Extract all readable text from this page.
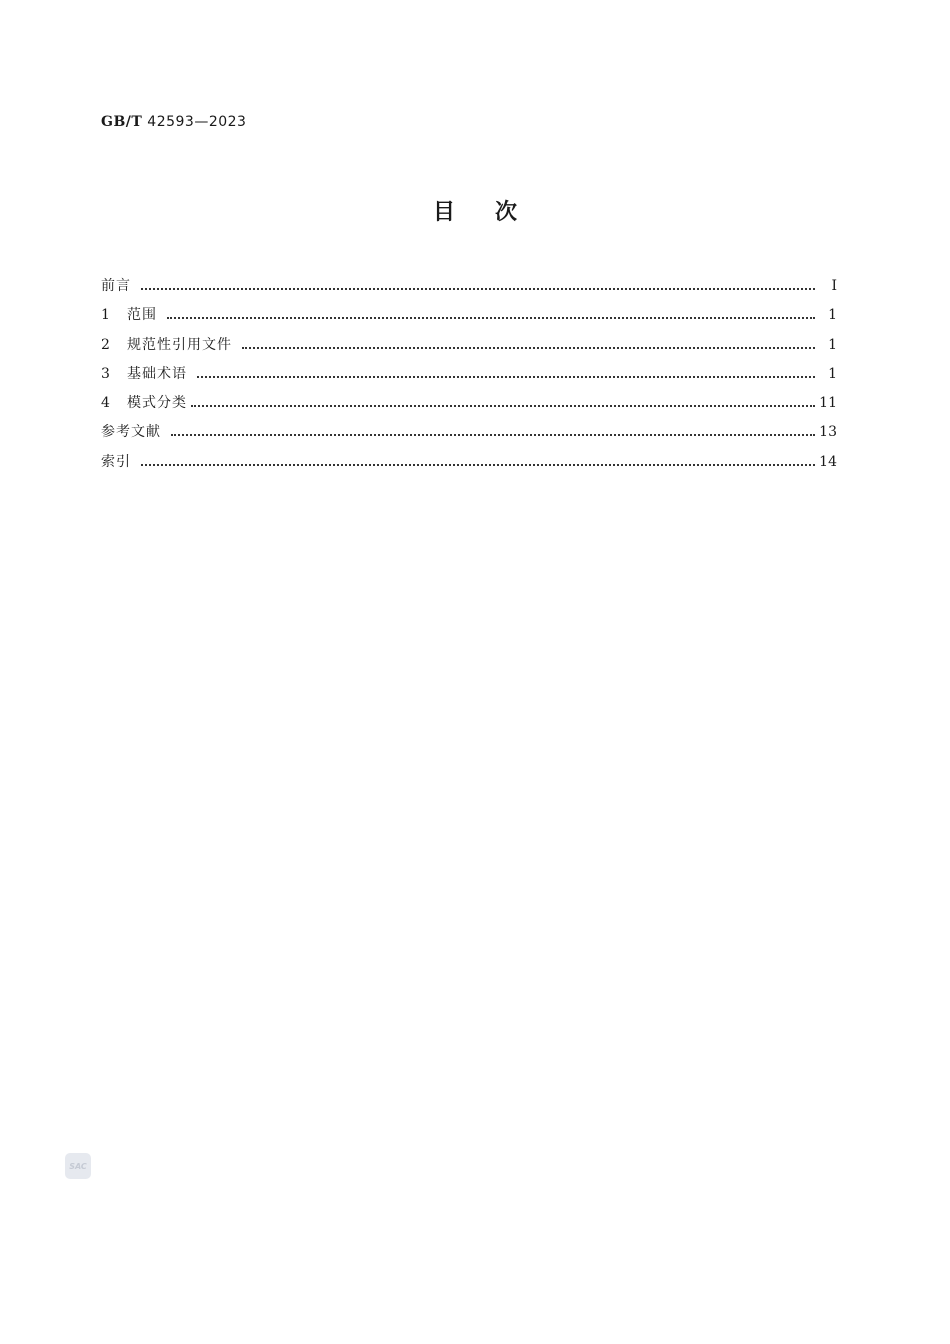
GB/T 42593—2023
目次
前言	Ⅰ
1	范围	1
2	规范性引用文件	1
3	基础术语	1
4	模式分类	11
参考文献	13
索引	14
SAC
